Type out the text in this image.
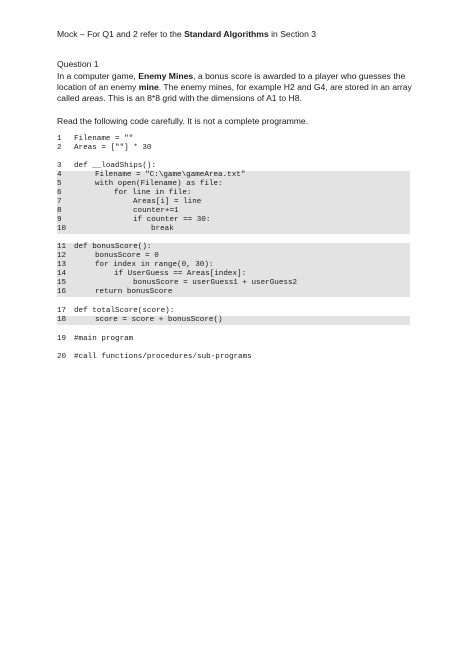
Mock – For Q1 and 2 refer to the Standard Algorithms in Section 3
Question 1
In a computer game, Enemy Mines, a bonus score is awarded to a player who guesses the location of an enemy mine. The enemy mines, for example H2 and G4, are stored in an array called areas. This is an 8*8 grid with the dimensions of A1 to H8.
Read the following code carefully. It is not a complete programme.
1	Filename = ""
2	Areas = [""] * 30
3	def __loadShips():
4	Filename = "C:\game\gameArea.txt"
5	with open(Filename) as file:
6	for line in file:
7	Areas[i] = line
8	counter+=1
9	if counter == 30:
10	break
11	def bonusScore():
12	bonusScore = 0
13	for index in range(0, 30):
14	if UserGuess == Areas[index]:
15	bonusScore = userGuess1 + userGuess2
16	return bonusScore
17	def totalScore(score):
18	score = score + bonusScore()
19	#main program
20	#call functions/procedures/sub-programs
